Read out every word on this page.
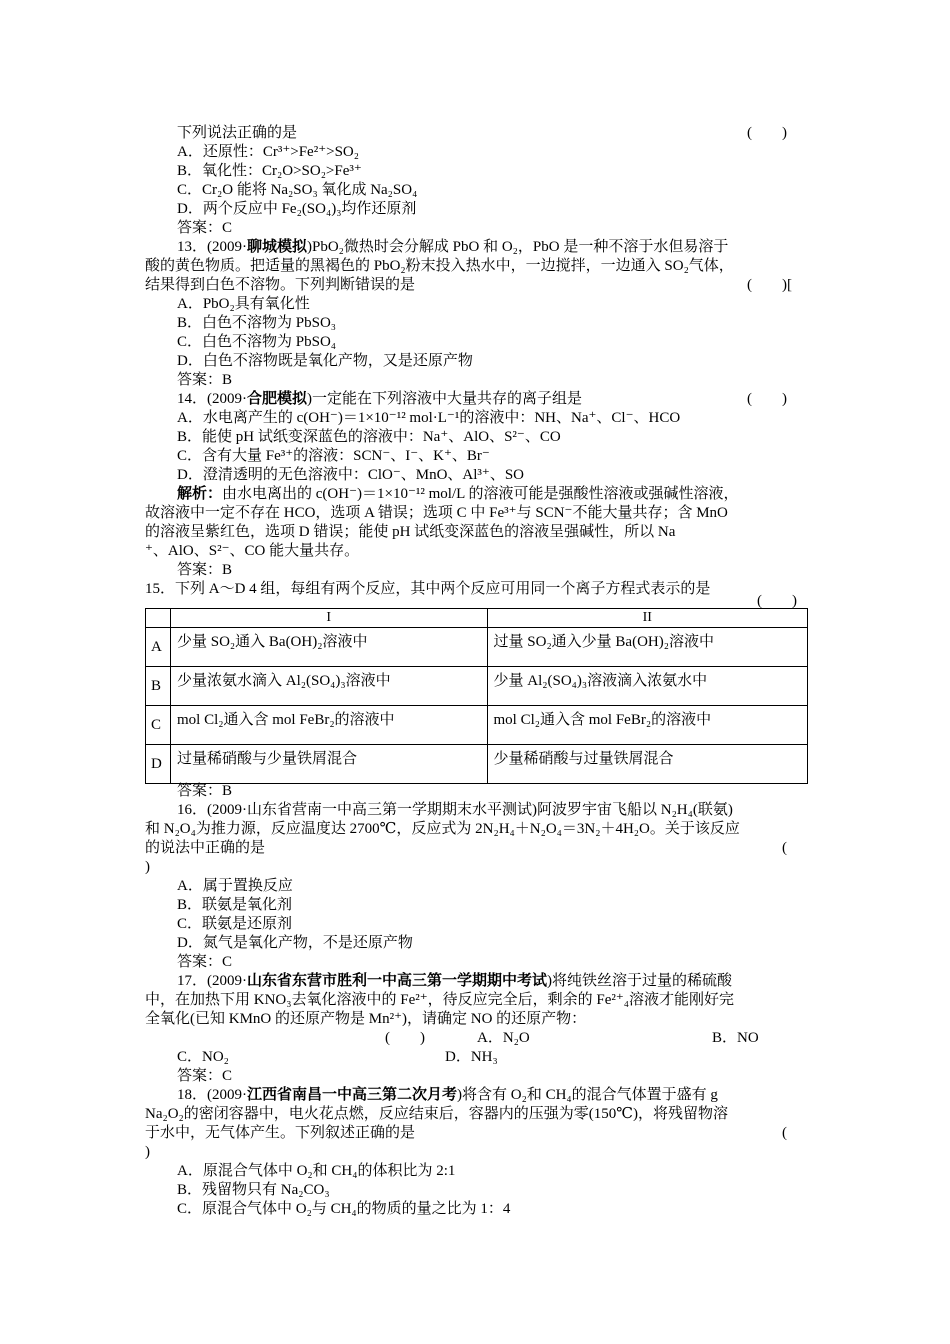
下列说法正确的是	(　　)
A．还原性：Cr³⁺>Fe²⁺>SO₂
B．氧化性：Cr₂O>SO₂>Fe³⁺
C．Cr₂O 能将 Na₂SO₃ 氧化成 Na₂SO₄
D．两个反应中 Fe₂(SO₄)₃均作还原剂
答案：C
13．(2009·聊城模拟)PbO₂微热时会分解成 PbO 和 O₂，PbO 是一种不溶于水但易溶于
酸的黄色物质。把适量的黑褐色的 PbO₂粉末投入热水中，一边搅拌，一边通入 SO₂气体，
结果得到白色不溶物。下列判断错误的是	(　　)[
A．PbO₂具有氧化性
B．白色不溶物为 PbSO₃
C．白色不溶物为 PbSO₄
D．白色不溶物既是氧化产物，又是还原产物
答案：B
14．(2009·合肥模拟)一定能在下列溶液中大量共存的离子组是	(　　)
A．水电离产生的 c(OH⁻)＝1×10⁻¹² mol·L⁻¹的溶液中：NH、Na⁺、Cl⁻、HCO
B．能使 pH 试纸变深蓝色的溶液中：Na⁺、AlO、S²⁻、CO
C．含有大量 Fe³⁺的溶液：SCN⁻、I⁻、K⁺、Br⁻
D．澄清透明的无色溶液中：ClO⁻、MnO、Al³⁺、SO
解析：由水电离出的 c(OH⁻)＝1×10⁻¹² mol/L 的溶液可能是强酸性溶液或强碱性溶液，
故溶液中一定不存在 HCO，选项 A 错误；选项 C 中 Fe³⁺与 SCN⁻不能大量共存；含 MnO
的溶液呈紫红色，选项 D 错误；能使 pH 试纸变深蓝色的溶液呈强碱性，所以 Na
⁺、AlO、S²⁻、CO 能大量共存。
答案：B
15．下列 A～D 4 组，每组有两个反应，其中两个反应可用同一个离子方程式表示的是
(　　)
	I	II
A	少量 SO₂通入 Ba(OH)₂溶液中	过量 SO₂通入少量 Ba(OH)₂溶液中
B	少量浓氨水滴入 Al₂(SO₄)₃溶液中	少量 Al₂(SO₄)₃溶液滴入浓氨水中
C	mol Cl₂通入含 mol FeBr₂的溶液中	mol Cl₂通入含 mol FeBr₂的溶液中
D	过量稀硝酸与少量铁屑混合	少量稀硝酸与过量铁屑混合
答案：B
16．(2009·山东省营南一中高三第一学期期末水平测试)阿波罗宇宙飞船以 N₂H₄(联氨)
和 N₂O₄为推力源，反应温度达 2700℃，反应式为 2N₂H₄＋N₂O₄＝3N₂＋4H₂O。关于该反应
的说法中正确的是	(
)
A．属于置换反应
B．联氨是氧化剂
C．联氨是还原剂
D．氮气是氧化产物，不是还原产物
答案：C
17．(2009·山东省东营市胜利一中高三第一学期期中考试)将纯铁丝溶于过量的稀硫酸
中，在加热下用 KNO₃去氧化溶液中的 Fe²⁺，待反应完全后，剩余的 Fe²⁺₄溶液才能刚好完
全氧化(已知 KMnO 的还原产物是 Mn²⁺)，请确定 NO 的还原产物：
(　　)	A．N₂O	B．NO
C．NO₂	D．NH₃
答案：C
18．(2009·江西省南昌一中高三第二次月考)将含有 O₂和 CH₄的混合气体置于盛有 g
Na₂O₂的密闭容器中，电火花点燃，反应结束后，容器内的压强为零(150℃)，将残留物溶
于水中，无气体产生。下列叙述正确的是	(
)
A．原混合气体中 O₂和 CH₄的体积比为 2:1
B．残留物只有 Na₂CO₃
C．原混合气体中 O₂与 CH₄的物质的量之比为 1：4
